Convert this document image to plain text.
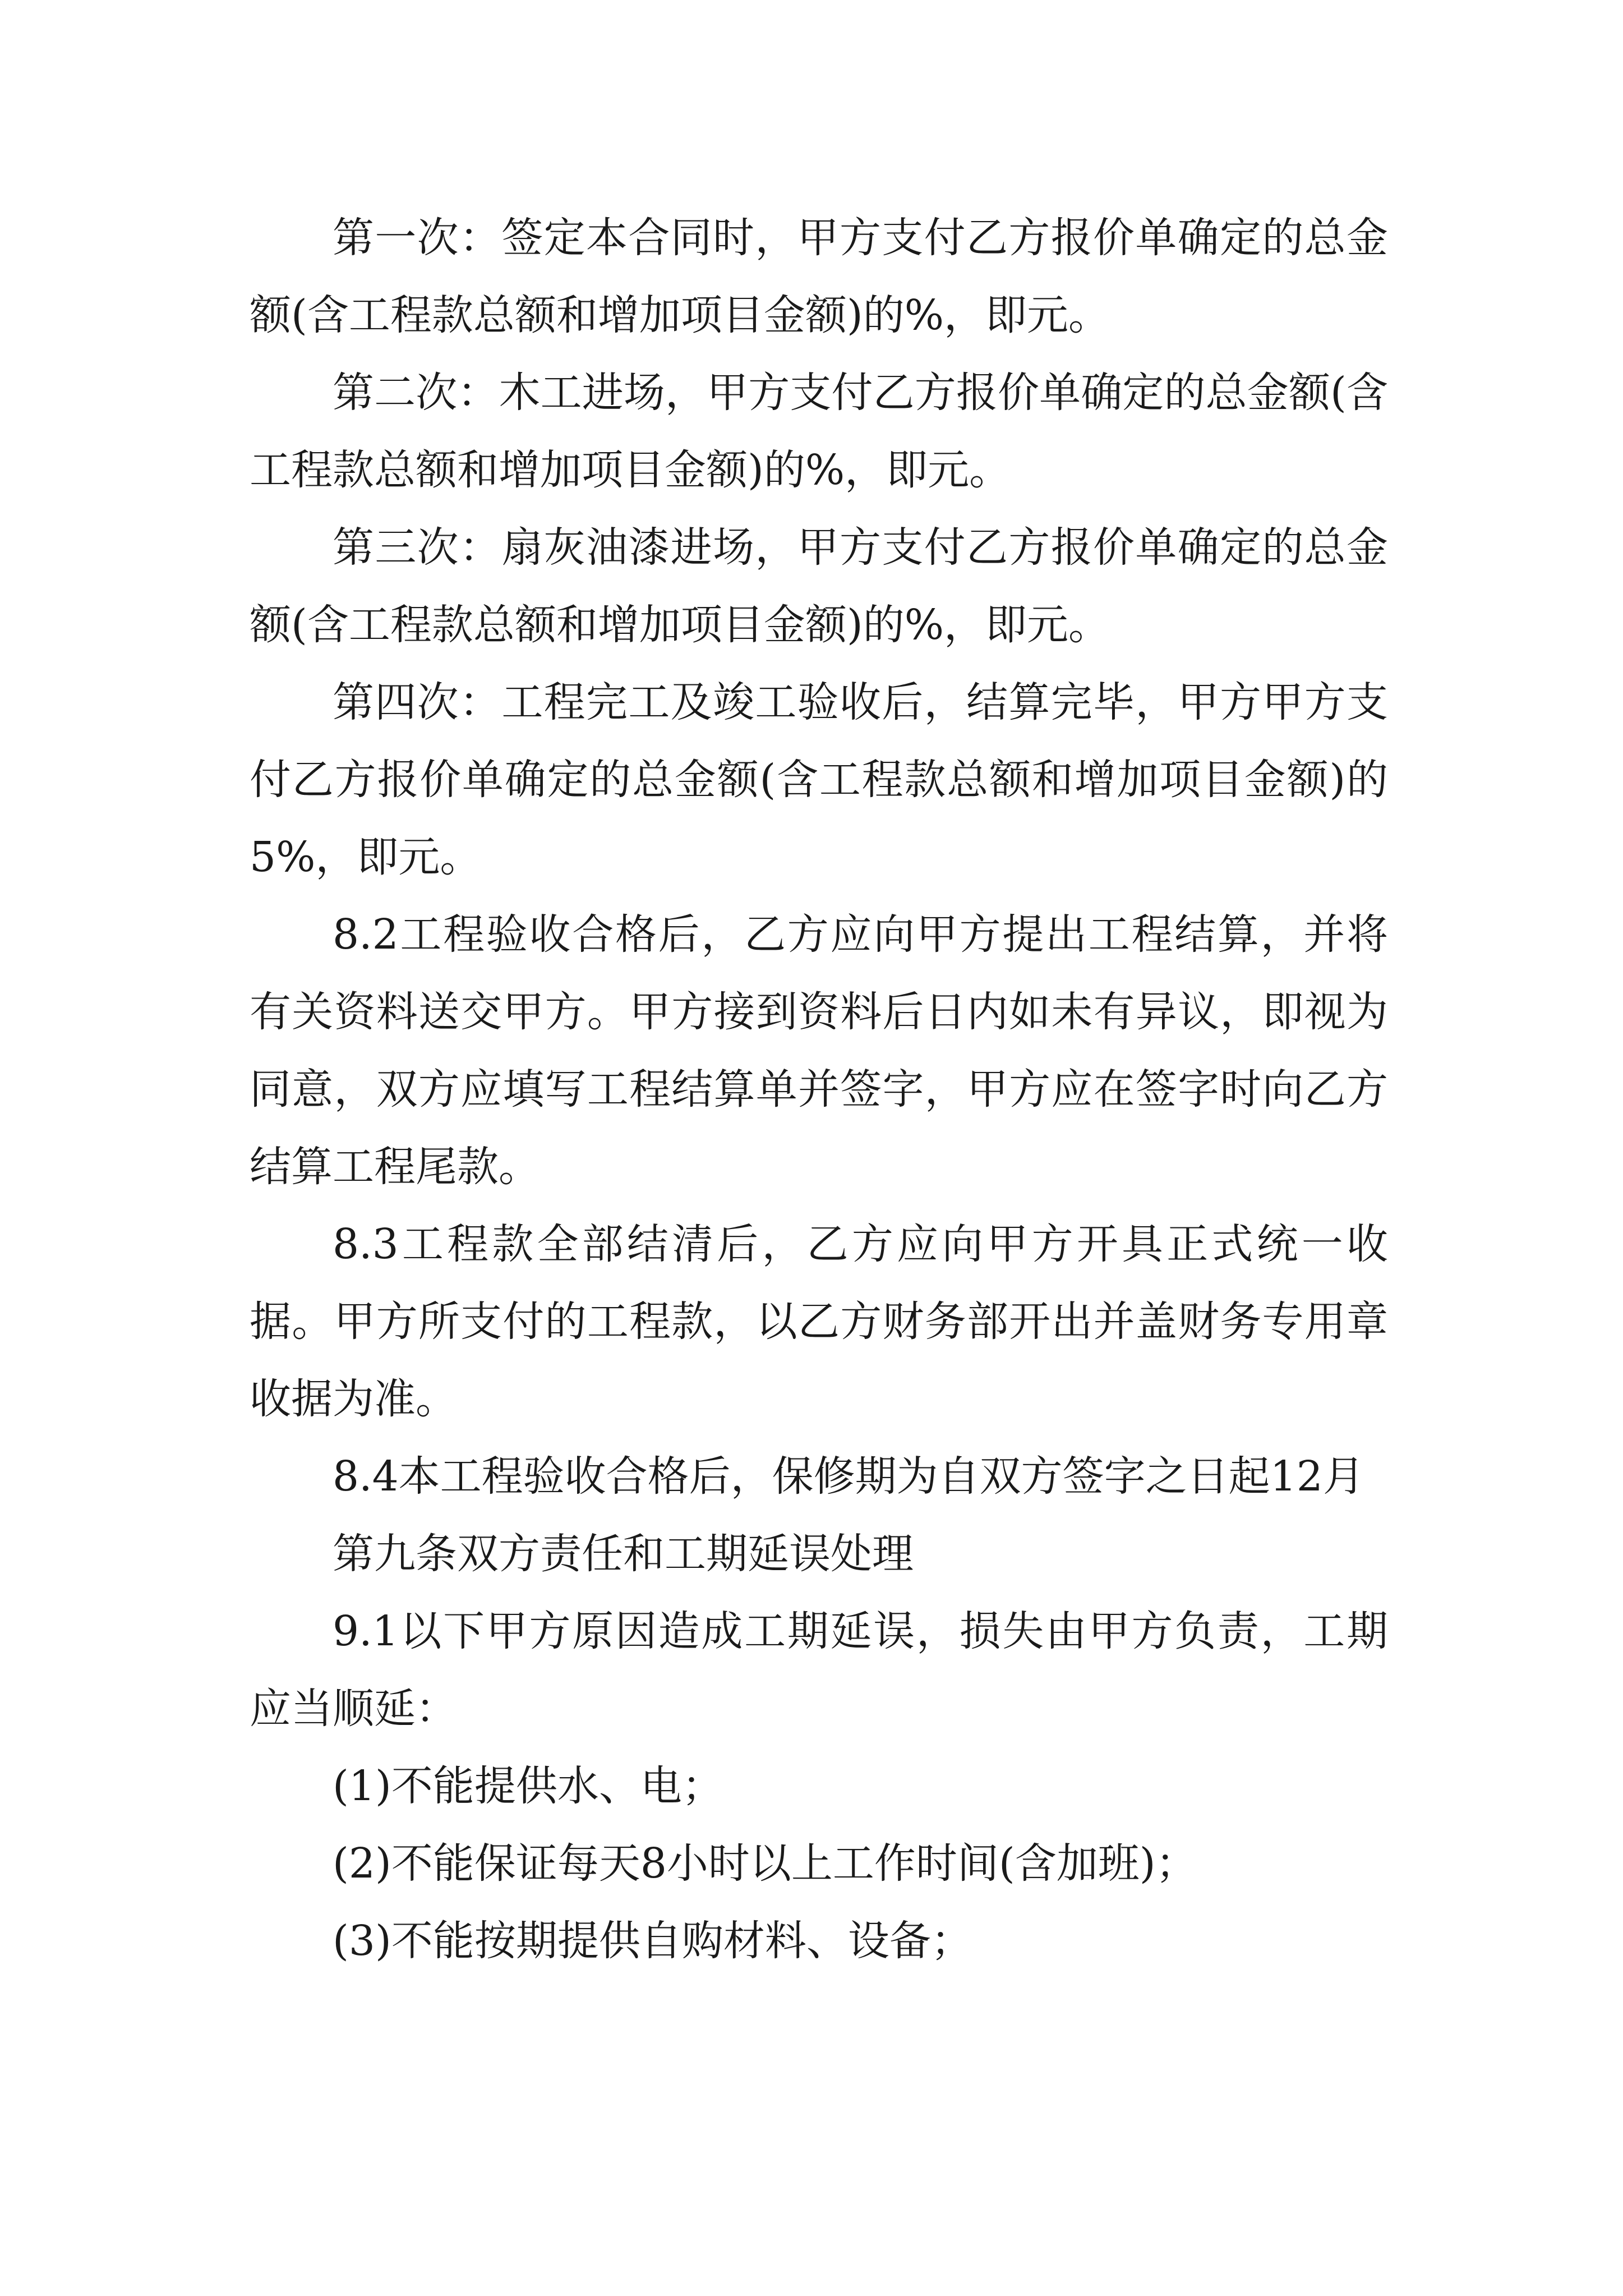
第一次：签定本合同时，甲方支付乙方报价单确定的总金额(含工程款总额和增加项目金额)的%，即元。

第二次：木工进场，甲方支付乙方报价单确定的总金额(含工程款总额和增加项目金额)的%，即元。

第三次：扇灰油漆进场，甲方支付乙方报价单确定的总金额(含工程款总额和增加项目金额)的%，即元。

第四次：工程完工及竣工验收后，结算完毕，甲方甲方支付乙方报价单确定的总金额(含工程款总额和增加项目金额)的5%，即元。

8.2工程验收合格后，乙方应向甲方提出工程结算，并将有关资料送交甲方。甲方接到资料后日内如未有异议，即视为同意，双方应填写工程结算单并签字，甲方应在签字时向乙方结算工程尾款。

8.3工程款全部结清后，乙方应向甲方开具正式统一收据。甲方所支付的工程款，以乙方财务部开出并盖财务专用章收据为准。

8.4本工程验收合格后，保修期为自双方签字之日起12月

第九条双方责任和工期延误处理

9.1以下甲方原因造成工期延误，损失由甲方负责，工期应当顺延：

(1)不能提供水、电；

(2)不能保证每天8小时以上工作时间(含加班)；

(3)不能按期提供自购材料、设备；
